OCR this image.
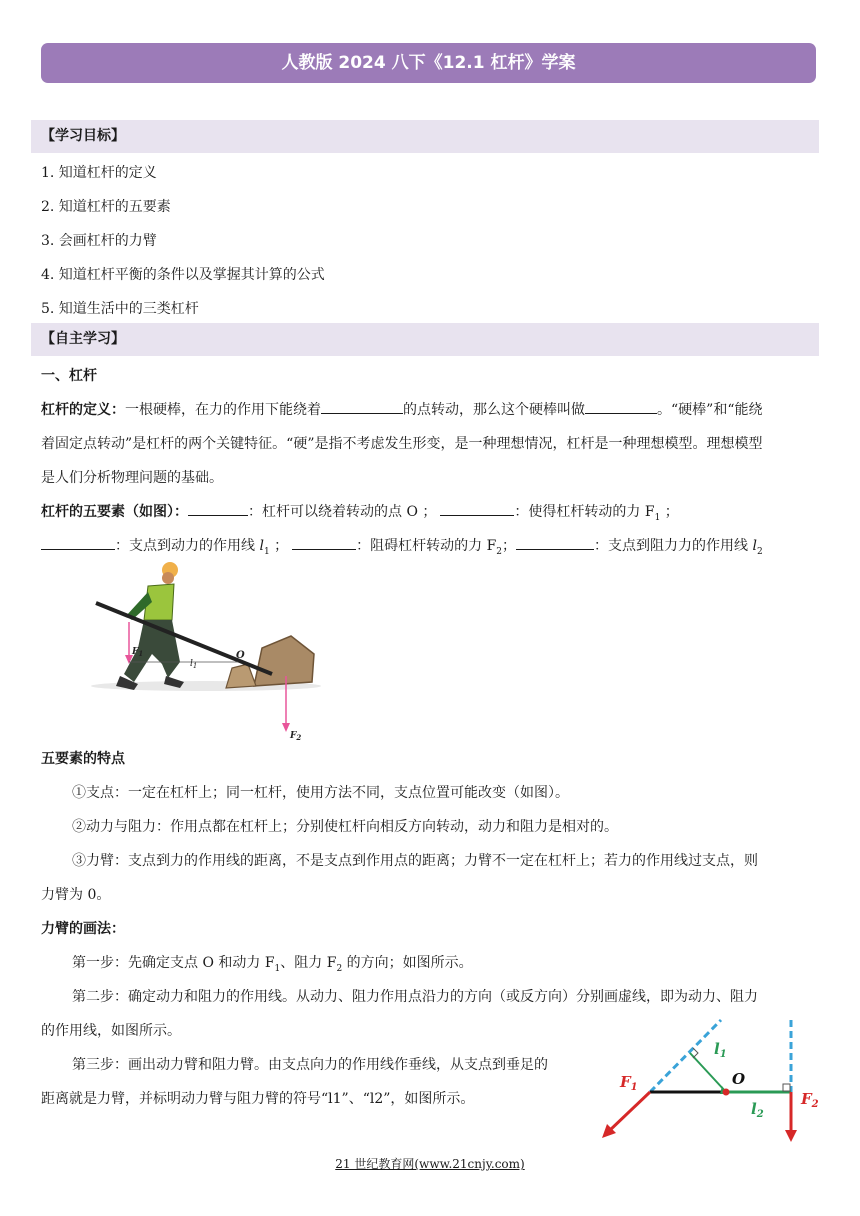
人教版 2024 八下《12.1 杠杆》学案
【学习目标】
1. 知道杠杆的定义
2. 知道杠杆的五要素
3. 会画杠杆的力臂
4. 知道杠杆平衡的条件以及掌握其计算的公式
5. 知道生活中的三类杠杆
【自主学习】
一、杠杆
杠杆的定义：一根硬棒，在力的作用下能绕着	的点转动，那么这个硬棒叫做	。“硬棒”和“能绕
着固定点转动”是杠杆的两个关键特征。“硬”是指不考虑发生形变，是一种理想情况，杠杆是一种理想模型。理想模型
是人们分析物理问题的基础。
杠杆的五要素（如图）：	：杠杆可以绕着转动的点 O ；	：使得杠杆转动的力 $F_1$ ；
：支点到动力的作用线 $l_1$ ；	：阻碍杠杆转动的力 $F_2$；	：支点到阻力力的作用线 $l_2$
$F_1$
$l_1$
O
$F_2$
五要素的特点
①支点：一定在杠杆上；同一杠杆，使用方法不同，支点位置可能改变（如图）。
②动力与阻力：作用点都在杠杆上；分别使杠杆向相反方向转动，动力和阻力是相对的。
③力臂：支点到力的作用线的距离，不是支点到作用点的距离；力臂不一定在杠杆上；若力的作用线过支点，则
力臂为 0。
力臂的画法：
第一步：先确定支点 O 和动力 $F_1$、阻力 $F_2$ 的方向；如图所示。
第二步：确定动力和阻力的作用线。从动力、阻力作用点沿力的方向（或反方向）分别画虚线，即为动力、阻力
的作用线，如图所示。
第三步：画出动力臂和阻力臂。由支点向力的作用线作垂线，从支点到垂足的
距离就是力臂，并标明动力臂与阻力臂的符号“l1”、“l2”，如图所示。
$F_1$
$l_1$
O
$l_2$
$F_2$
21 世纪教育网(www.21cnjy.com)
